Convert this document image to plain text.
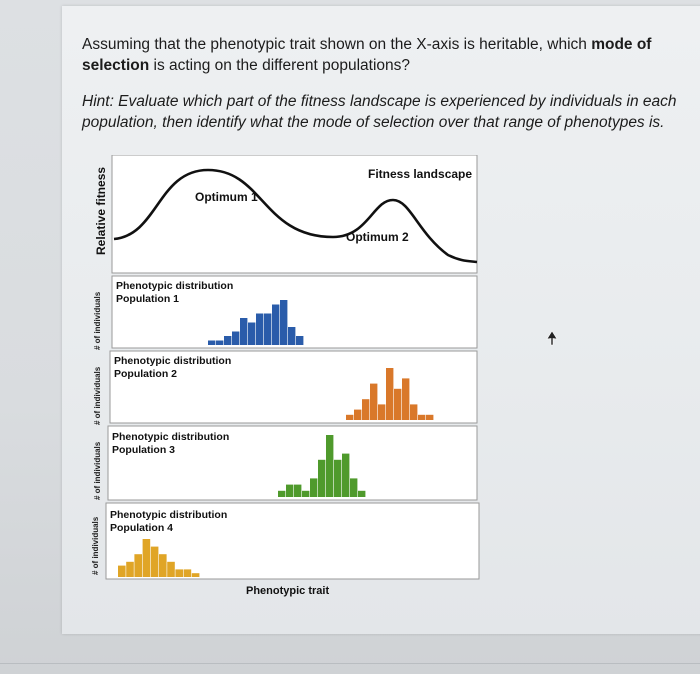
Assuming that the phenotypic trait shown on the X-axis is heritable, which mode of
selection is acting on the different populations?
Hint: Evaluate which part of the fitness landscape is experienced by individuals in each population, then identify what the mode of selection over that range of phenotypes is.
Fitness landscape
Relative fitness	Optimum 1
Optimum 2
# of individuals
# of individuals
# of individuals
# of individuals
Phenotypic distribution
Population 1
Phenotypic distribution
Population 2
Phenotypic distribution
Population 3
Phenotypic distribution
Population 4
Phenotypic trait
